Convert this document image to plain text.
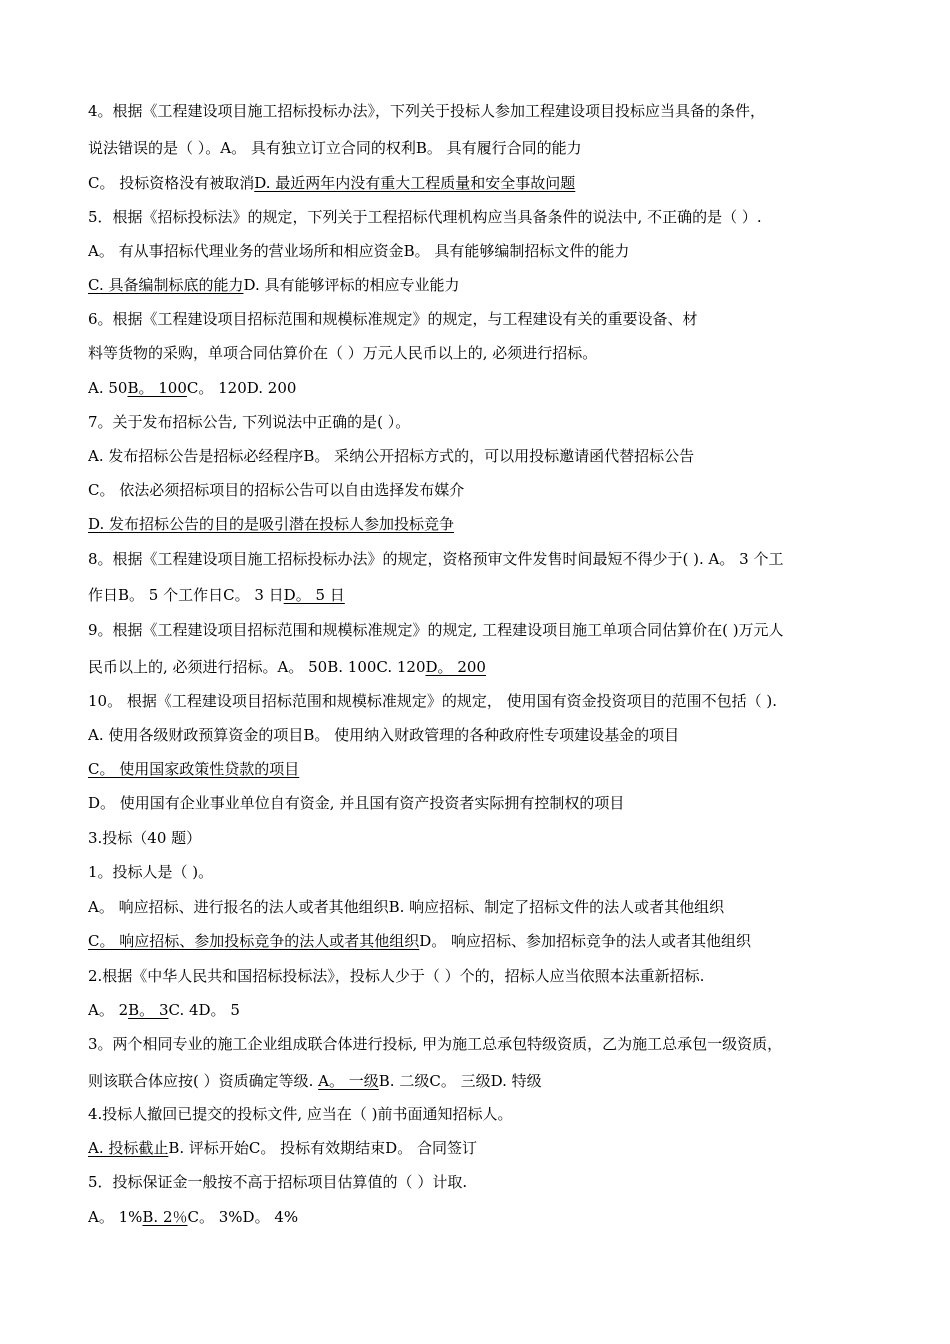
4。根据《工程建设项目施工招标投标办法》，下列关于投标人参加工程建设项目投标应当具备的条件，
说法错误的是（ ）。A。 具有独立订立合同的权利B。 具有履行合同的能力
C。 投标资格没有被取消D. 最近两年内没有重大工程质量和安全事故问题
5．根据《招标投标法》的规定，下列关于工程招标代理机构应当具备条件的说法中, 不正确的是（ ）.
A。 有从事招标代理业务的营业场所和相应资金B。 具有能够编制招标文件的能力
C. 具备编制标底的能力D. 具有能够评标的相应专业能力
6。根据《工程建设项目招标范围和规模标准规定》的规定，与工程建设有关的重要设备、材
料等货物的采购，单项合同估算价在（ ）万元人民币以上的, 必须进行招标。
A. 50B。 100C。 120D. 200
7。关于发布招标公告, 下列说法中正确的是( ）。
A. 发布招标公告是招标必经程序B。 采纳公开招标方式的，可以用投标邀请函代替招标公告
C。 依法必须招标项目的招标公告可以自由选择发布媒介
D. 发布招标公告的目的是吸引潜在投标人参加投标竞争
8。根据《工程建设项目施工招标投标办法》的规定，资格预审文件发售时间最短不得少于( ). A。 3 个工
作日B。 5 个工作日C。 3 日D。 5 日
9。根据《工程建设项目招标范围和规模标准规定》的规定, 工程建设项目施工单项合同估算价在( )万元人
民币以上的, 必须进行招标。A。 50B. 100C. 120D。 200
10。 根据《工程建设项目招标范围和规模标准规定》的规定， 使用国有资金投资项目的范围不包括（ ).
A. 使用各级财政预算资金的项目B。 使用纳入财政管理的各种政府性专项建设基金的项目
C。 使用国家政策性贷款的项目
D。 使用国有企业事业单位自有资金, 并且国有资产投资者实际拥有控制权的项目
3.投标（40 题）
1。投标人是（ )。
A。 响应招标、进行报名的法人或者其他组织B. 响应招标、制定了招标文件的法人或者其他组织
C。 响应招标、参加投标竞争的法人或者其他组织D。 响应招标、参加招标竞争的法人或者其他组织
2.根据《中华人民共和国招标投标法》，投标人少于（ ）个的，招标人应当依照本法重新招标.
A。 2B。 3C. 4D。 5
3。两个相同专业的施工企业组成联合体进行投标, 甲为施工总承包特级资质，乙为施工总承包一级资质，
则该联合体应按( ）资质确定等级. A。 一级B. 二级C。 三级D. 特级
4.投标人撤回已提交的投标文件, 应当在（ )前书面通知招标人。
A. 投标截止B. 评标开始C。 投标有效期结束D。 合同签订
5．投标保证金一般按不高于招标项目估算值的（ ）计取.
A。 1%B. 2％C。 3%D。 4%
